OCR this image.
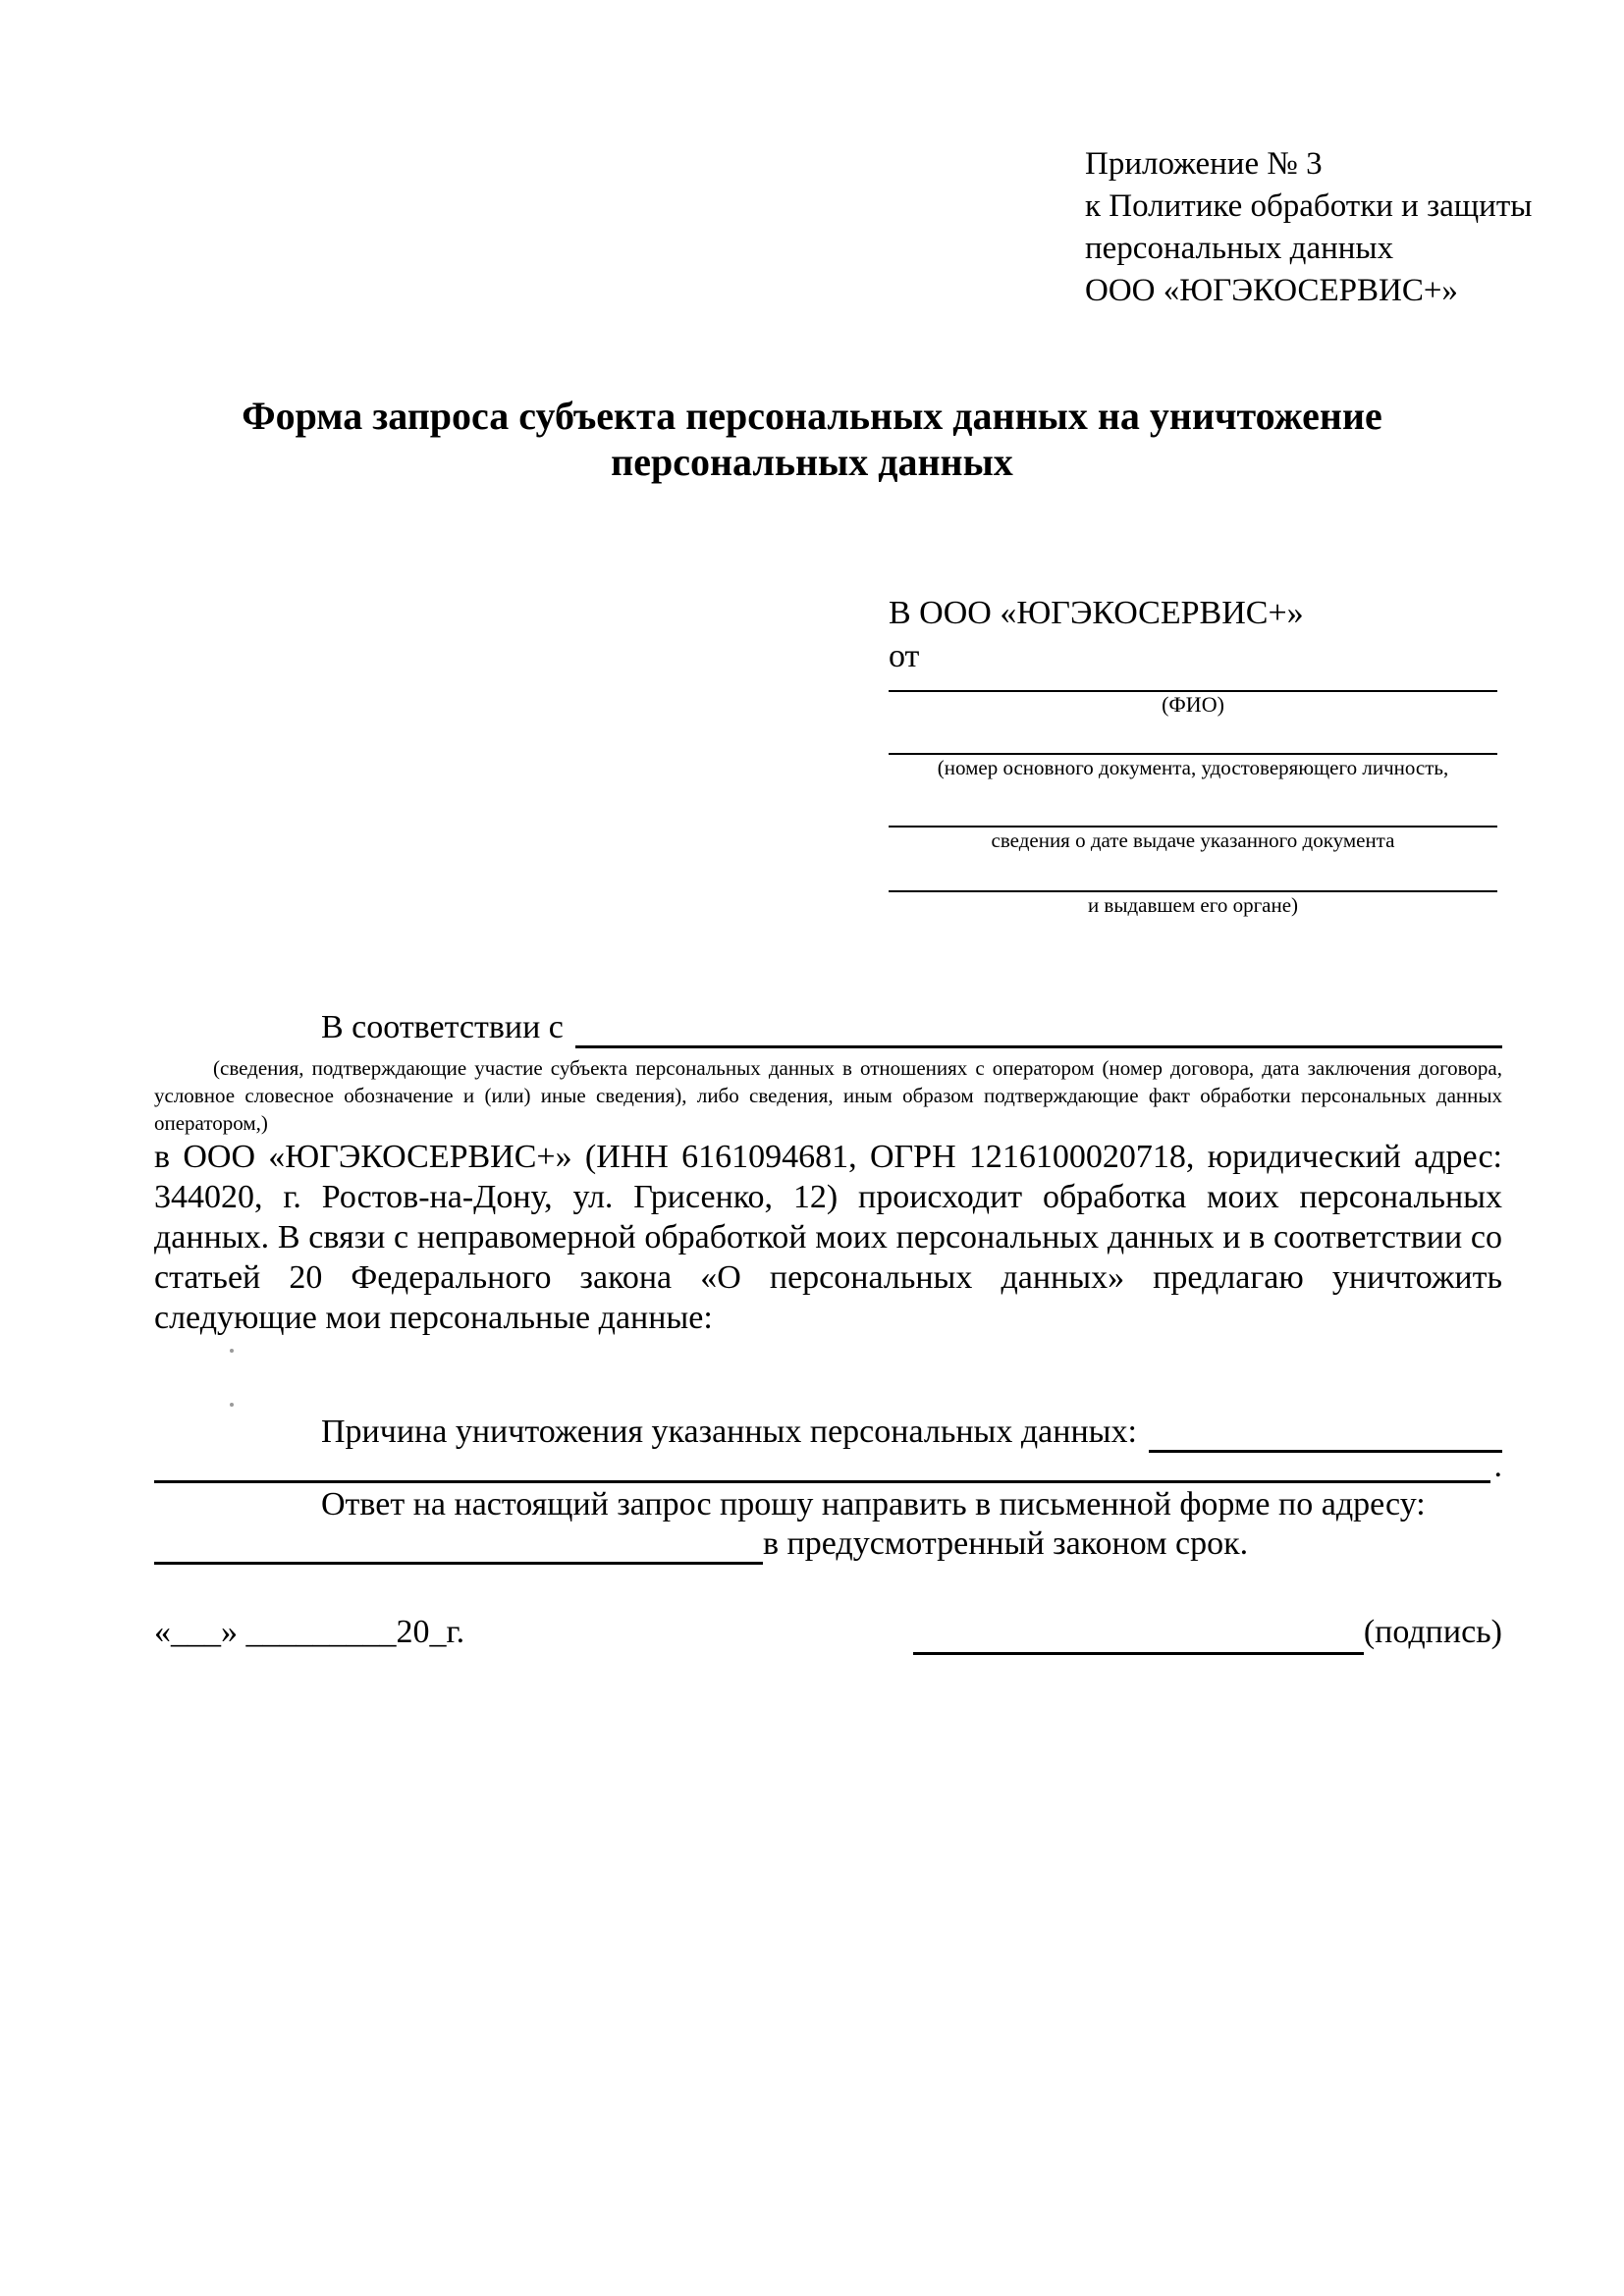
Приложение № 3
к Политике обработки и защиты
персональных данных
ООО «ЮГЭКОСЕРВИС+»
Форма запроса субъекта персональных данных на уничтожение персональных данных
В ООО «ЮГЭКОСЕРВИС+»
от
(ФИО)
(номер основного документа, удостоверяющего личность,
сведения о дате выдаче указанного документа
и выдавшем его органе)
В соответствии с
(сведения, подтверждающие участие субъекта персональных данных в отношениях с оператором (номер договора, дата заключения договора, условное словесное обозначение и (или) иные сведения), либо сведения, иным образом подтверждающие факт обработки персональных данных оператором,)
в ООО «ЮГЭКОСЕРВИС+» (ИНН 6161094681, ОГРН 1216100020718, юридический адрес: 344020, г. Ростов-на-Дону, ул. Грисенко, 12) происходит обработка моих персональных данных. В связи с неправомерной обработкой моих персональных данных и в соответствии со статьей 20 Федерального закона «О персональных данных» предлагаю уничтожить следующие мои персональные данные:
Причина уничтожения указанных персональных данных:
.
Ответ на настоящий запрос прошу направить в письменной форме по адресу:
в предусмотренный законом срок.
«___» _________20_г.	(подпись)
